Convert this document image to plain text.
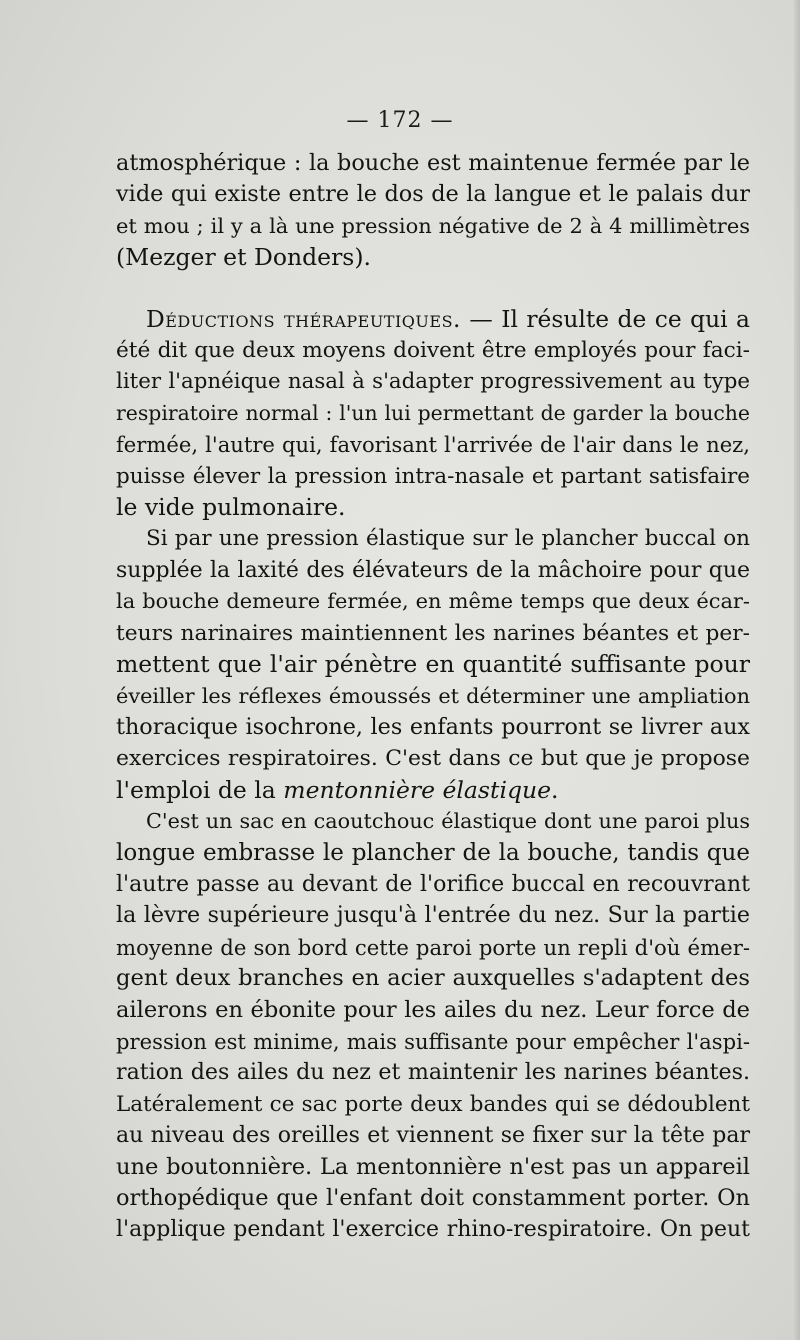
— 172 —

atmosphérique : la bouche est maintenue fermée par le
vide qui existe entre le dos de la langue et le palais dur
et mou ; il y a là une pression négative de 2 à 4 millimètres
(Mezger et Donders).

Déductions thérapeutiques. — Il résulte de ce qui a
été dit que deux moyens doivent être employés pour faci-
liter l'apnéique nasal à s'adapter progressivement au type
respiratoire normal : l'un lui permettant de garder la bouche
fermée, l'autre qui, favorisant l'arrivée de l'air dans le nez,
puisse élever la pression intra-nasale et partant satisfaire
le vide pulmonaire.

Si par une pression élastique sur le plancher buccal on
supplée la laxité des élévateurs de la mâchoire pour que
la bouche demeure fermée, en même temps que deux écar-
teurs narinaires maintiennent les narines béantes et per-
mettent que l'air pénètre en quantité suffisante pour
éveiller les réflexes émoussés et déterminer une ampliation
thoracique isochrone, les enfants pourront se livrer aux
exercices respiratoires. C'est dans ce but que je propose
l'emploi de la mentonnière élastique.

C'est un sac en caoutchouc élastique dont une paroi plus
longue embrasse le plancher de la bouche, tandis que
l'autre passe au devant de l'orifice buccal en recouvrant
la lèvre supérieure jusqu'à l'entrée du nez. Sur la partie
moyenne de son bord cette paroi porte un repli d'où émer-
gent deux branches en acier auxquelles s'adaptent des
ailerons en ébonite pour les ailes du nez. Leur force de
pression est minime, mais suffisante pour empêcher l'aspi-
ration des ailes du nez et maintenir les narines béantes.
Latéralement ce sac porte deux bandes qui se dédoublent
au niveau des oreilles et viennent se fixer sur la tête par
une boutonnière. La mentonnière n'est pas un appareil
orthopédique que l'enfant doit constamment porter. On
l'applique pendant l'exercice rhino-respiratoire. On peut
